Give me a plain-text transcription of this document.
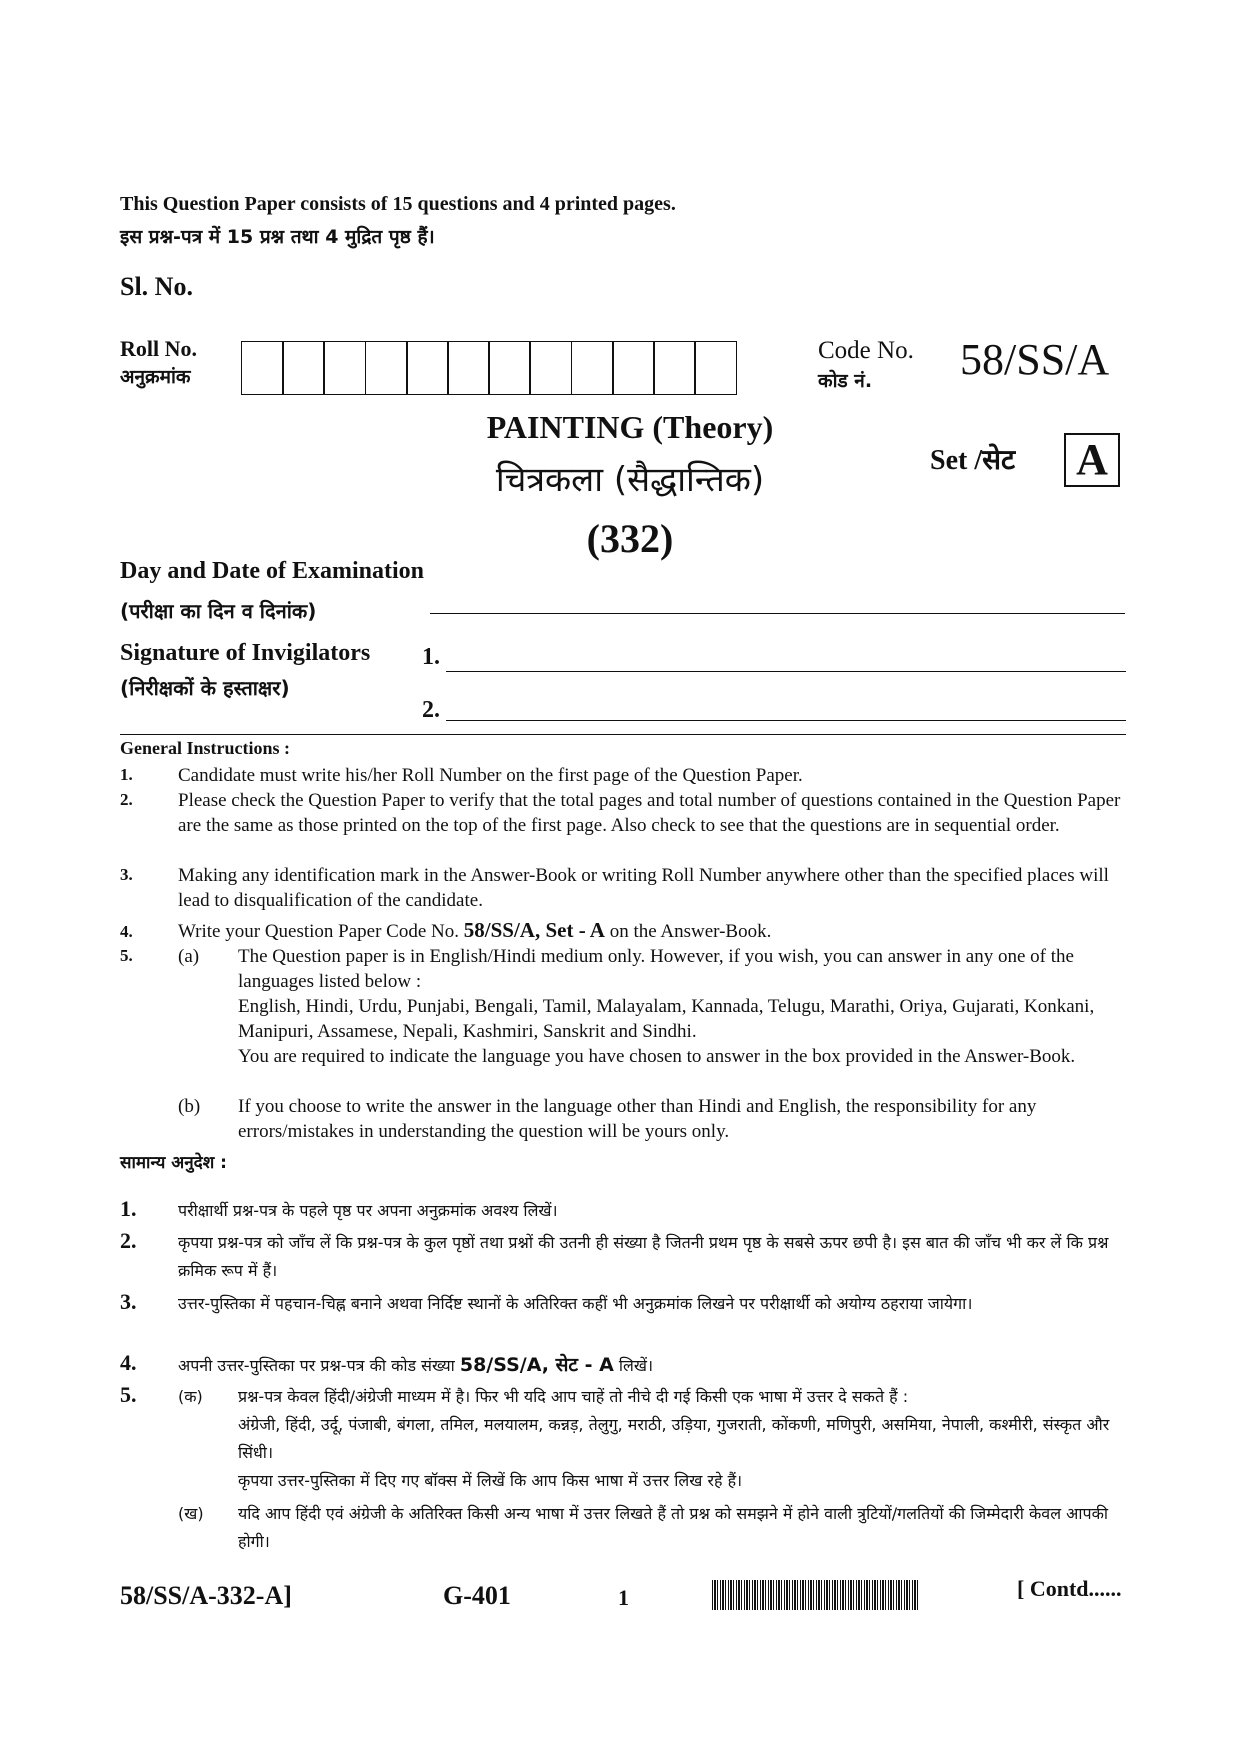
This Question Paper consists of 15 questions and 4 printed pages.
इस प्रश्न-पत्र में 15 प्रश्न तथा 4 मुद्रित पृष्ठ हैं।
Sl. No.
Roll No.
अनुक्रमांक
Code No.
कोड नं. 58/SS/A
PAINTING (Theory)
चित्रकला (सैद्धान्तिक)
(332)
Set /सेट A
Day and Date of Examination
(परीक्षा का दिन व दिनांक)
Signature of Invigilators
(निरीक्षकों के हस्ताक्षर)
1.
2.
General Instructions :
1. Candidate must write his/her Roll Number on the first page of the Question Paper.
2. Please check the Question Paper to verify that the total pages and total number of questions contained in the Question Paper are the same as those printed on the top of the first page. Also check to see that the questions are in sequential order.
3. Making any identification mark in the Answer-Book or writing Roll Number anywhere other than the specified places will lead to disqualification of the candidate.
4. Write your Question Paper Code No. 58/SS/A, Set - A on the Answer-Book.
5. (a) The Question paper is in English/Hindi medium only. However, if you wish, you can answer in any one of the languages listed below :
English, Hindi, Urdu, Punjabi, Bengali, Tamil, Malayalam, Kannada, Telugu, Marathi, Oriya, Gujarati, Konkani, Manipuri, Assamese, Nepali, Kashmiri, Sanskrit and Sindhi.
You are required to indicate the language you have chosen to answer in the box provided in the Answer-Book.
(b) If you choose to write the answer in the language other than Hindi and English, the responsibility for any errors/mistakes in understanding the question will be yours only.
सामान्य अनुदेश :
1.	परीक्षार्थी प्रश्न-पत्र के पहले पृष्ठ पर अपना अनुक्रमांक अवश्य लिखें।
2.	कृपया प्रश्न-पत्र को जाँच लें कि प्रश्न-पत्र के कुल पृष्ठों तथा प्रश्नों की उतनी ही संख्या है जितनी प्रथम पृष्ठ के सबसे ऊपर छपी है। इस बात की जाँच भी कर लें कि प्रश्न क्रमिक रूप में हैं।
3.	उत्तर-पुस्तिका में पहचान-चिह्न बनाने अथवा निर्दिष्ट स्थानों के अतिरिक्त कहीं भी अनुक्रमांक लिखने पर परीक्षार्थी को अयोग्य ठहराया जायेगा।
4.	अपनी उत्तर-पुस्तिका पर प्रश्न-पत्र की कोड संख्या 58/SS/A, सेट - A लिखें।
5.	(क) प्रश्न-पत्र केवल हिंदी/अंग्रेजी माध्यम में है। फिर भी यदि आप चाहें तो नीचे दी गई किसी एक भाषा में उत्तर दे सकते हैं :
अंग्रेजी, हिंदी, उर्दू, पंजाबी, बंगला, तमिल, मलयालम, कन्नड़, तेलुगु, मराठी, उड़िया, गुजराती, कोंकणी, मणिपुरी, असमिया, नेपाली, कश्मीरी, संस्कृत और सिंधी।
कृपया उत्तर-पुस्तिका में दिए गए बॉक्स में लिखें कि आप किस भाषा में उत्तर लिख रहे हैं।
(ख) यदि आप हिंदी एवं अंग्रेजी के अतिरिक्त किसी अन्य भाषा में उत्तर लिखते हैं तो प्रश्न को समझने में होने वाली त्रुटियों/गलतियों की जिम्मेदारी केवल आपकी होगी।
58/SS/A-332-A]	G-401	1	[ Contd......
